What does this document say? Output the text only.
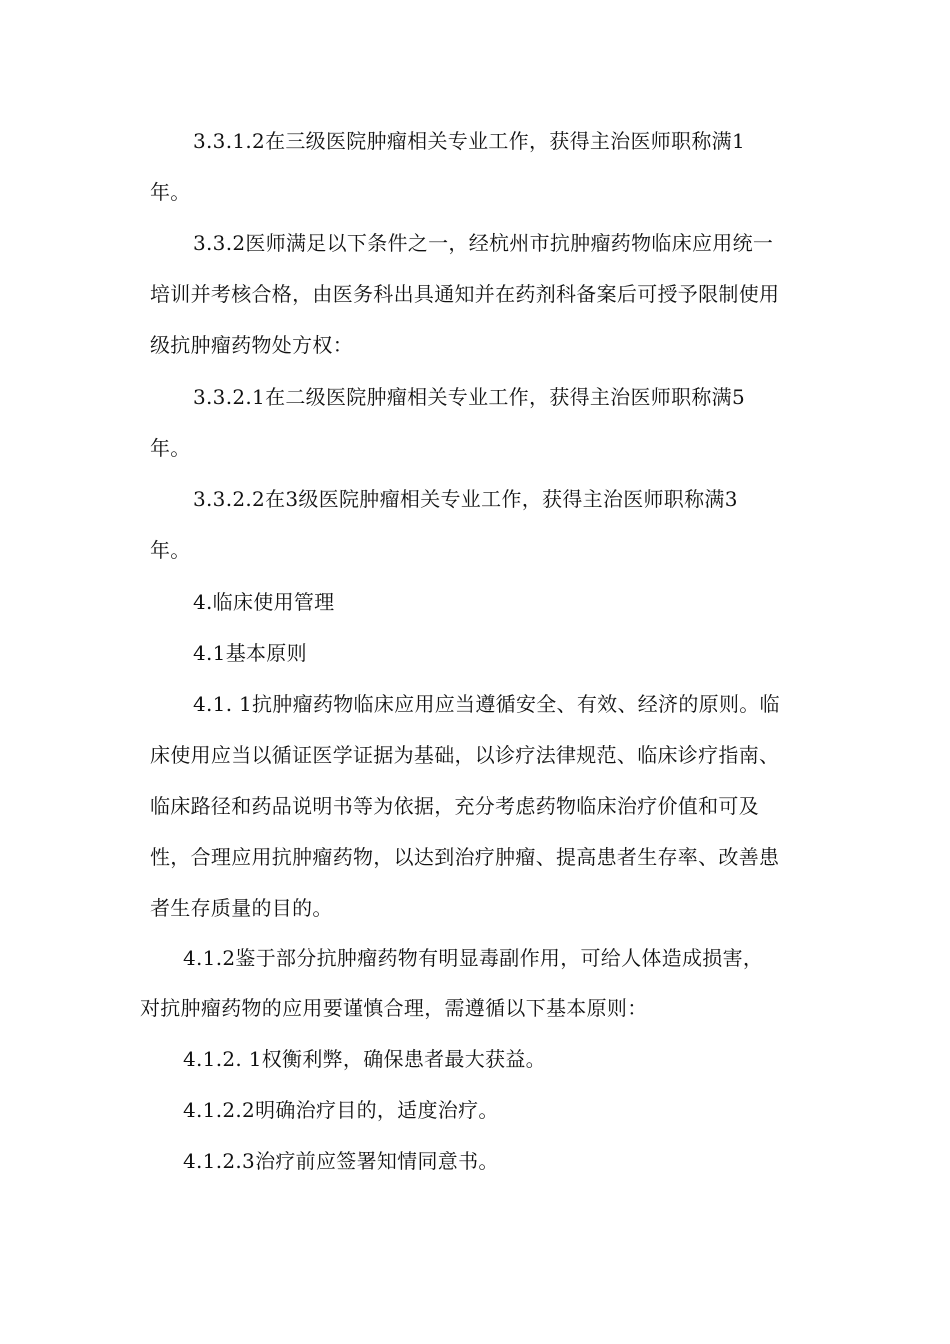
3.3.1.2在三级医院肿瘤相关专业工作，获得主治医师职称满1
年。
3.3.2医师满足以下条件之一，经杭州市抗肿瘤药物临床应用统一
培训并考核合格，由医务科出具通知并在药剂科备案后可授予限制使用
级抗肿瘤药物处方权：
3.3.2.1在二级医院肿瘤相关专业工作，获得主治医师职称满5
年。
3.3.2.2在3级医院肿瘤相关专业工作，获得主治医师职称满3
年。
4.临床使用管理
4.1基本原则
4.1. 1抗肿瘤药物临床应用应当遵循安全、有效、经济的原则。临
床使用应当以循证医学证据为基础，以诊疗法律规范、临床诊疗指南、
临床路径和药品说明书等为依据，充分考虑药物临床治疗价值和可及
性，合理应用抗肿瘤药物，以达到治疗肿瘤、提高患者生存率、改善患
者生存质量的目的。
4.1.2鉴于部分抗肿瘤药物有明显毒副作用，可给人体造成损害，
对抗肿瘤药物的应用要谨慎合理，需遵循以下基本原则：
4.1.2. 1权衡利弊，确保患者最大获益。
4.1.2.2明确治疗目的，适度治疗。
4.1.2.3治疗前应签署知情同意书。
